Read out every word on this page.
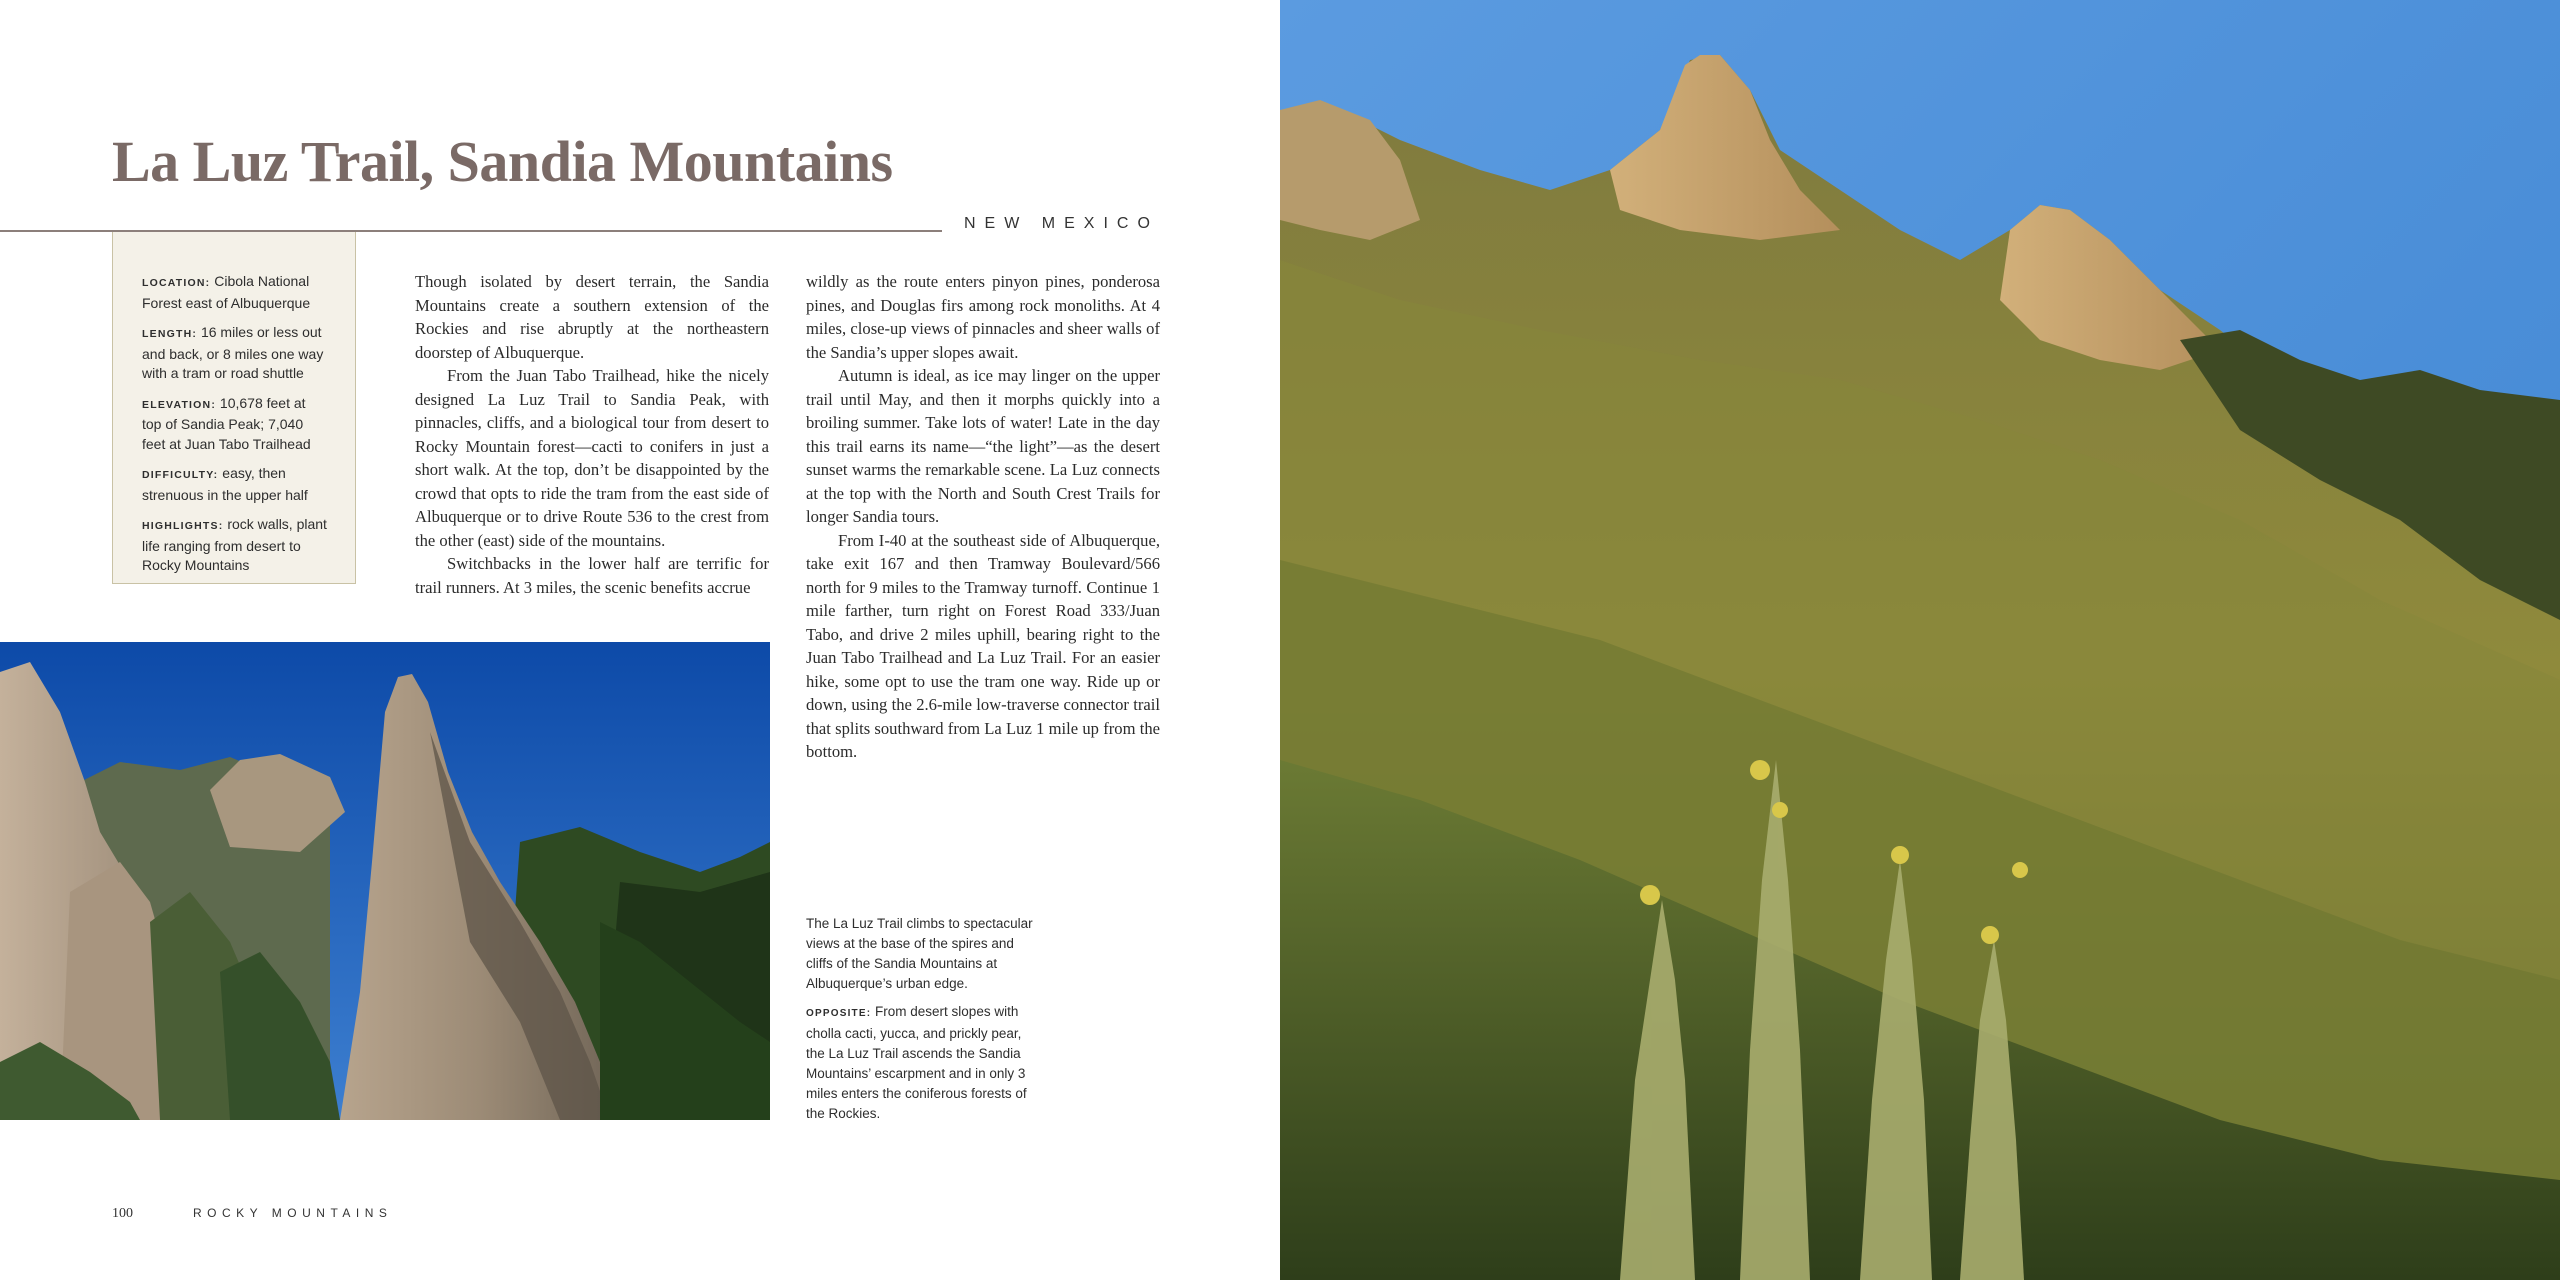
La Luz Trail, Sandia Mountains
NEW MEXICO
LOCATION: Cibola National Forest east of Albuquerque
LENGTH: 16 miles or less out and back, or 8 miles one way with a tram or road shuttle
ELEVATION: 10,678 feet at top of Sandia Peak; 7,040 feet at Juan Tabo Trailhead
DIFFICULTY: easy, then strenuous in the upper half
HIGHLIGHTS: rock walls, plant life ranging from desert to Rocky Mountains

Though isolated by desert terrain, the Sandia Mountains create a southern extension of the Rockies and rise abruptly at the northeastern doorstep of Albuquerque.

From the Juan Tabo Trailhead, hike the nicely designed La Luz Trail to Sandia Peak, with pinnacles, cliffs, and a biological tour from desert to Rocky Mountain forest—cacti to conifers in just a short walk. At the top, don’t be disappointed by the crowd that opts to ride the tram from the east side of Albuquerque or to drive Route 536 to the crest from the other (east) side of the mountains.

Switchbacks in the lower half are terrific for trail runners. At 3 miles, the scenic benefits accrue

wildly as the route enters pinyon pines, ponderosa pines, and Douglas firs among rock monoliths. At 4 miles, close-up views of pinnacles and sheer walls of the Sandia’s upper slopes await.

Autumn is ideal, as ice may linger on the upper trail until May, and then it morphs quickly into a broiling summer. Take lots of water! Late in the day this trail earns its name—“the light”—as the desert sunset warms the remarkable scene. La Luz connects at the top with the North and South Crest Trails for longer Sandia tours.

From I-40 at the southeast side of Albuquerque, take exit 167 and then Tramway Boulevard/566 north for 9 miles to the Tramway turnoff. Continue 1 mile farther, turn right on Forest Road 333/Juan Tabo, and drive 2 miles uphill, bearing right to the Juan Tabo Trailhead and La Luz Trail. For an easier hike, some opt to use the tram one way. Ride up or down, using the 2.6-mile low-traverse connector trail that splits southward from La Luz 1 mile up from the bottom.

The La Luz Trail climbs to spectacular views at the base of the spires and cliffs of the Sandia Mountains at Albuquerque’s urban edge.

OPPOSITE: From desert slopes with cholla cacti, yucca, and prickly pear, the La Luz Trail ascends the Sandia Mountains’ escarpment and in only 3 miles enters the coniferous forests of the Rockies.

100	ROCKY MOUNTAINS
